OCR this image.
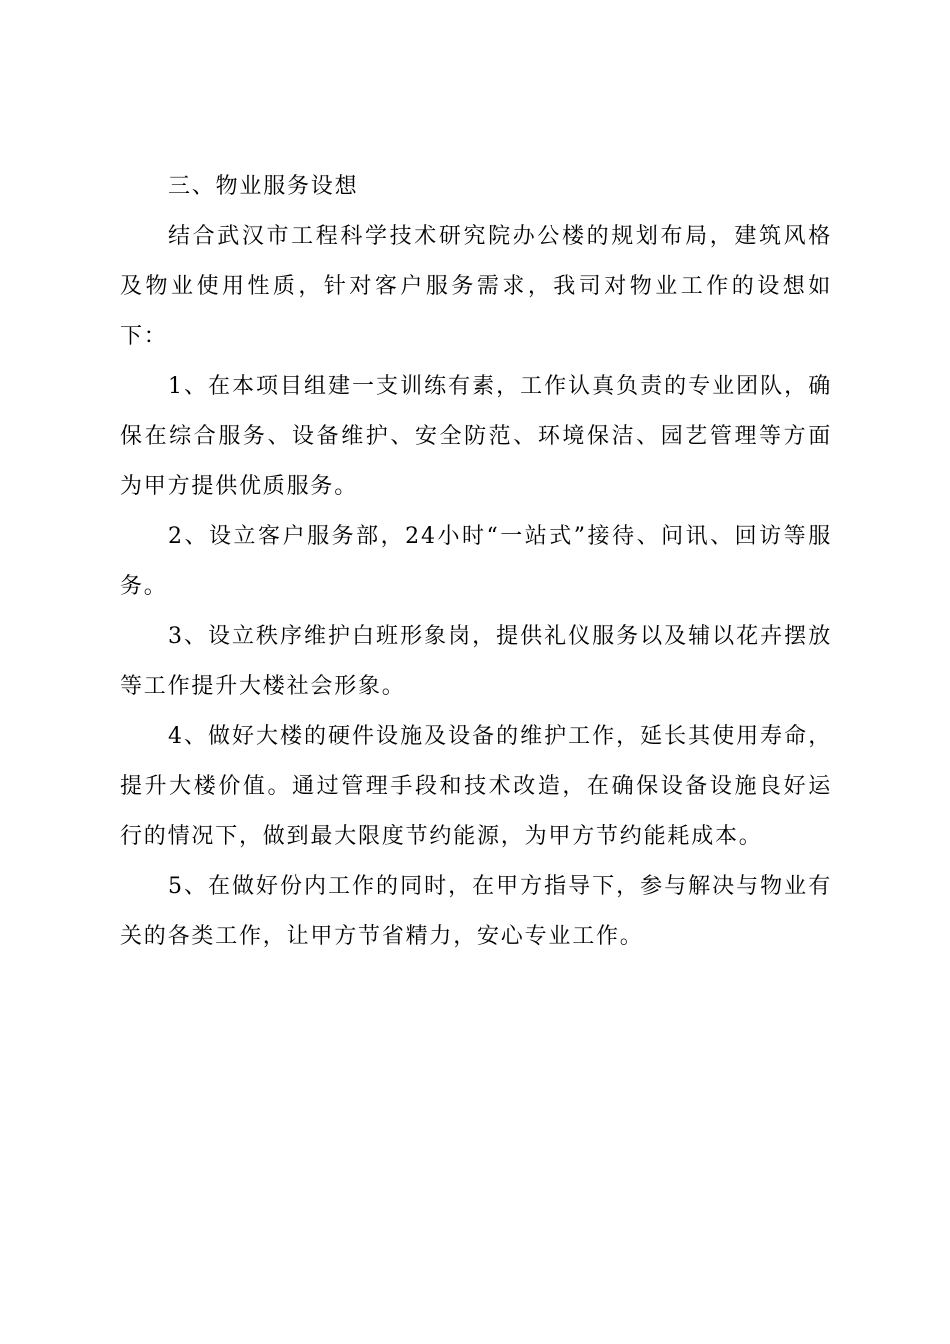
三、物业服务设想

结合武汉市工程科学技术研究院办公楼的规划布局，建筑风格及物业使用性质，针对客户服务需求，我司对物业工作的设想如下：

1、在本项目组建一支训练有素，工作认真负责的专业团队，确保在综合服务、设备维护、安全防范、环境保洁、园艺管理等方面为甲方提供优质服务。

2、设立客户服务部，24小时“一站式”接待、问讯、回访等服务。

3、设立秩序维护白班形象岗，提供礼仪服务以及辅以花卉摆放等工作提升大楼社会形象。

4、做好大楼的硬件设施及设备的维护工作，延长其使用寿命，提升大楼价值。通过管理手段和技术改造，在确保设备设施良好运行的情况下，做到最大限度节约能源，为甲方节约能耗成本。

5、在做好份内工作的同时，在甲方指导下，参与解决与物业有关的各类工作，让甲方节省精力，安心专业工作。
